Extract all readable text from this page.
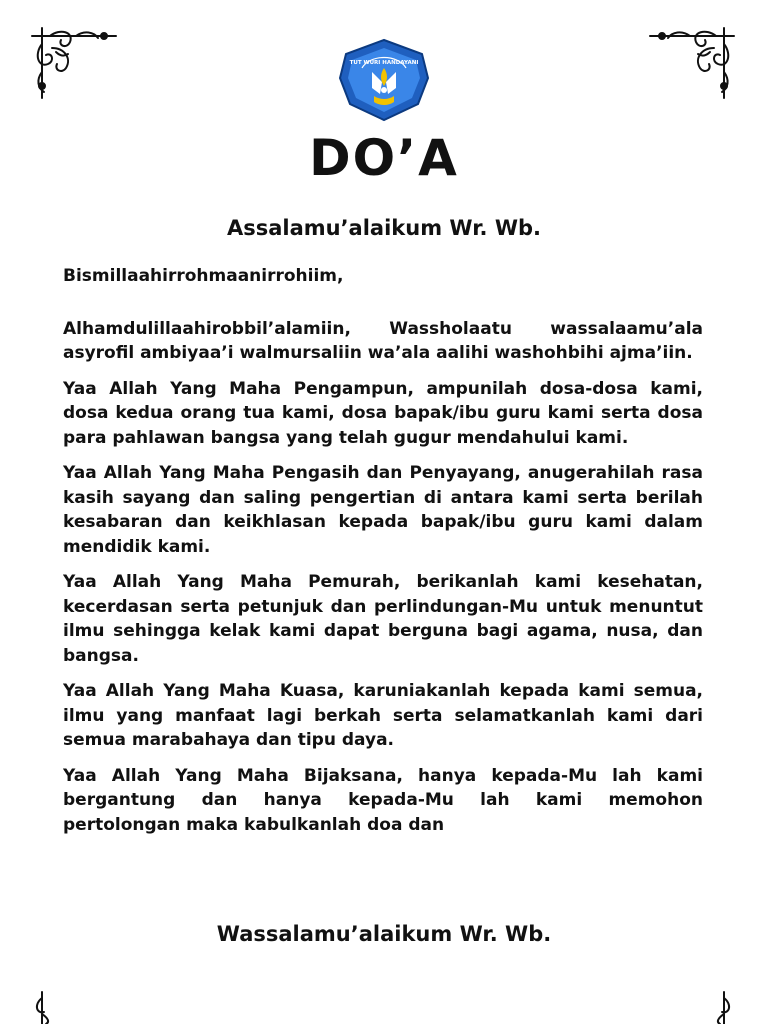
TUT WURI HANDAYANI
DO’A
Assalamu’alaikum Wr. Wb.

Bismillaahirrohmaanirrohiim,

Alhamdulillaahirobbil’alamiin, Wassholaatu wassalaamu’ala asyrofil ambiyaa’i walmursaliin wa’ala aalihi washohbihi ajma’iin.

Yaa Allah Yang Maha Pengampun, ampunilah dosa-dosa kami, dosa kedua orang tua kami, dosa bapak/ibu guru kami serta dosa para pahlawan bangsa yang telah gugur mendahului kami.

Yaa Allah Yang Maha Pengasih dan Penyayang, anugerahilah rasa kasih sayang dan saling pengertian di antara kami serta berilah kesabaran dan keikhlasan kepada bapak/ibu guru kami dalam mendidik kami.

Yaa Allah Yang Maha Pemurah, berikanlah kami kesehatan, kecerdasan serta petunjuk dan perlindungan-Mu untuk menuntut ilmu sehingga kelak kami dapat berguna bagi agama, nusa, dan bangsa.

Yaa Allah Yang Maha Kuasa, karuniakanlah kepada kami semua, ilmu yang manfaat lagi berkah serta selamatkanlah kami dari semua marabahaya dan tipu daya.

Yaa Allah Yang Maha Bijaksana, hanya kepada-Mu lah kami bergantung dan hanya kepada-Mu lah kami memohon pertolongan maka kabulkanlah doa dan

Wassalamu’alaikum Wr. Wb.
